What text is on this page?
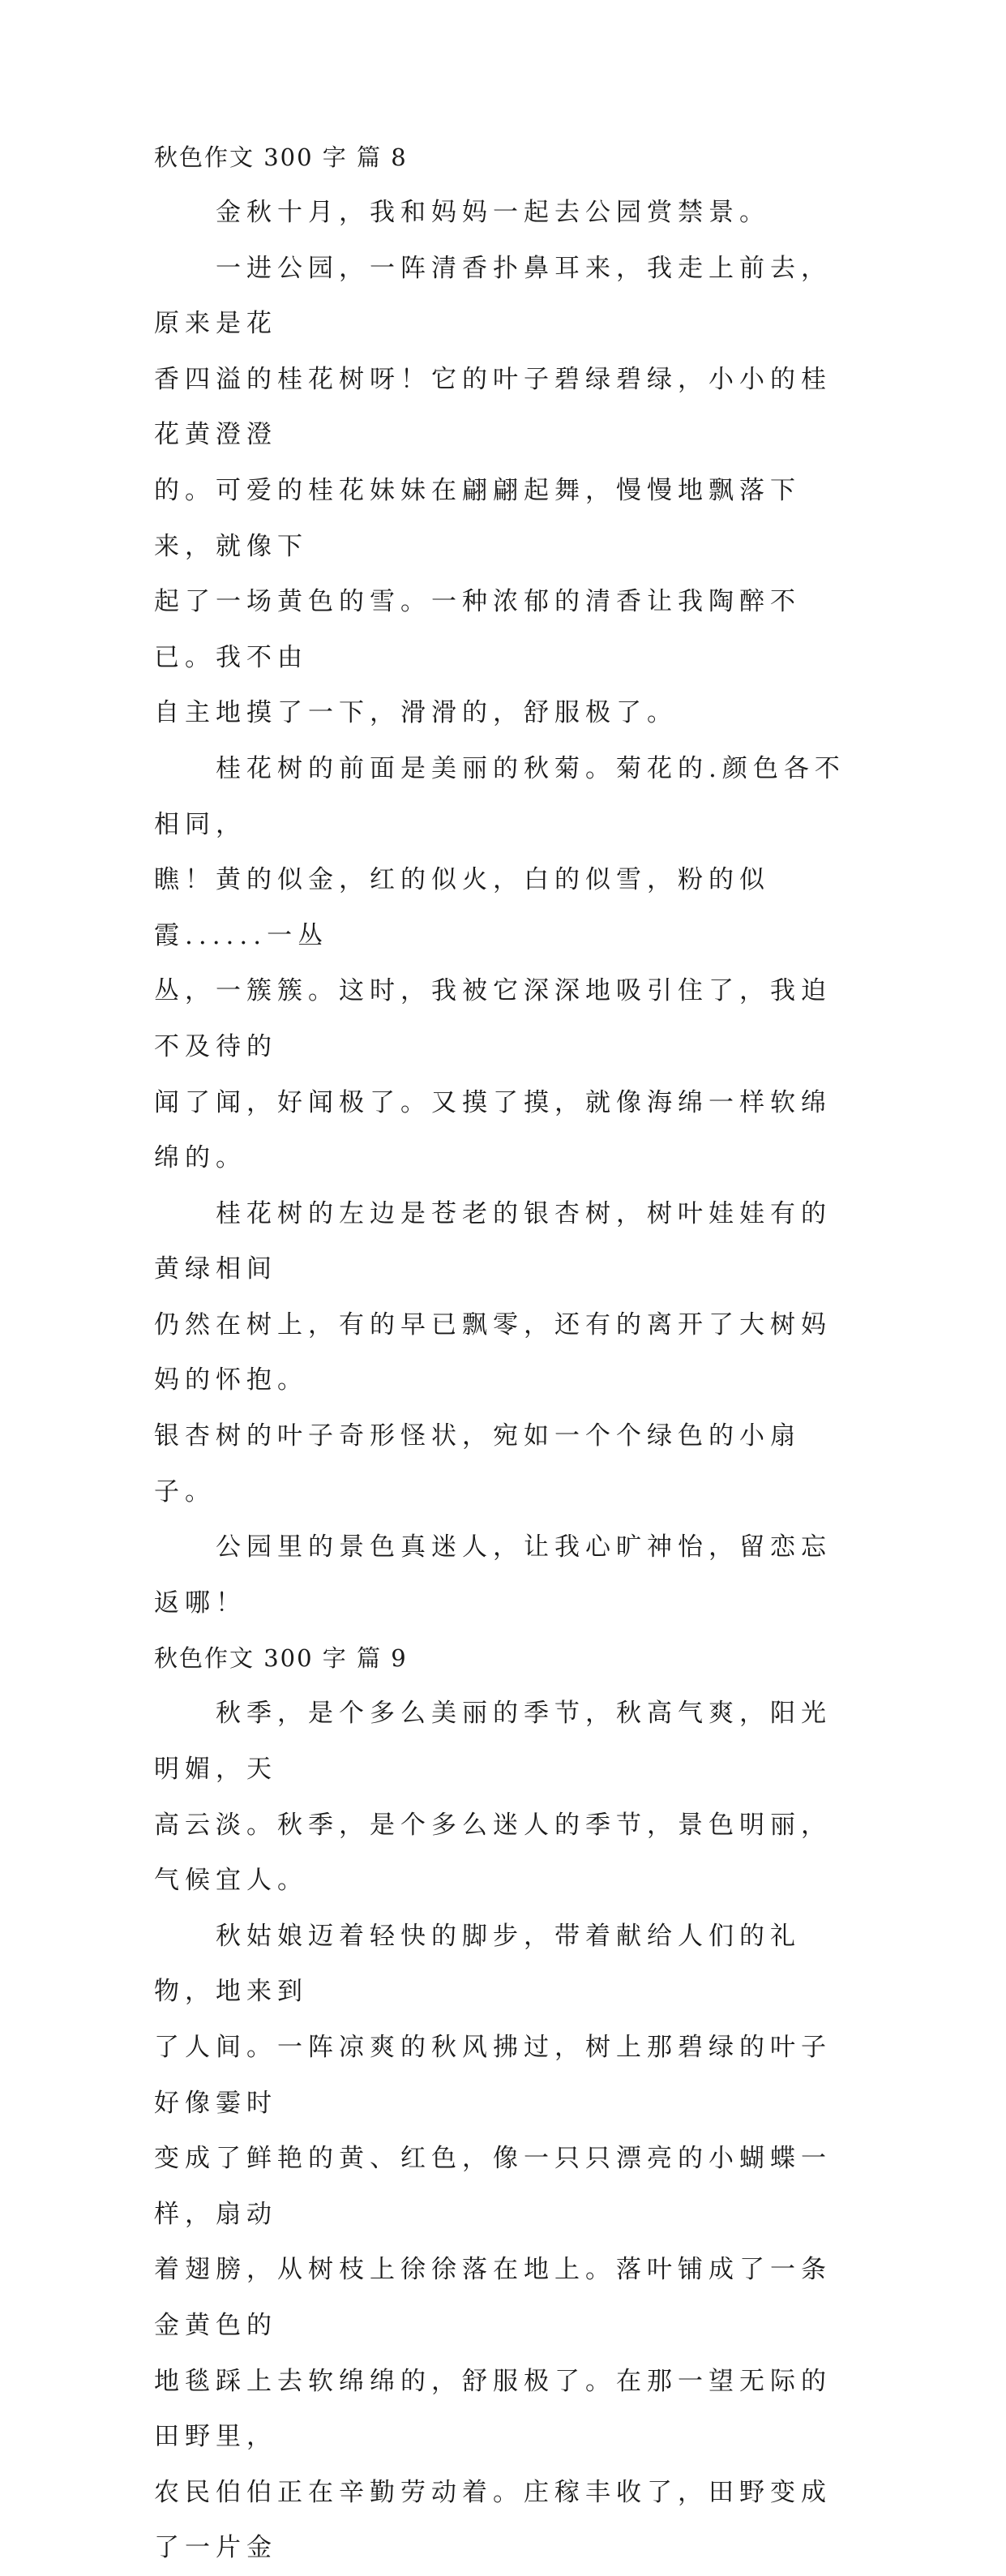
秋色作文 300 字 篇 8

　　金秋十月，我和妈妈一起去公园赏禁景。

　　一进公园，一阵清香扑鼻耳来，我走上前去，原来是花
香四溢的桂花树呀！它的叶子碧绿碧绿，小小的桂花黄澄澄
的。可爱的桂花妹妹在翩翩起舞，慢慢地飘落下来，就像下
起了一场黄色的雪。一种浓郁的清香让我陶醉不已。我不由
自主地摸了一下，滑滑的，舒服极了。

　　桂花树的前面是美丽的秋菊。菊花的.颜色各不相同，
瞧！黄的似金，红的似火，白的似雪，粉的似霞......一丛
丛，一簇簇。这时，我被它深深地吸引住了，我迫不及待的
闻了闻，好闻极了。又摸了摸，就像海绵一样软绵绵的。

　　桂花树的左边是苍老的银杏树，树叶娃娃有的黄绿相间
仍然在树上，有的早已飘零，还有的离开了大树妈妈的怀抱。
银杏树的叶子奇形怪状，宛如一个个绿色的小扇子。

　　公园里的景色真迷人，让我心旷神怡，留恋忘返哪！

秋色作文 300 字 篇 9

　　秋季，是个多么美丽的季节，秋高气爽，阳光明媚，天
高云淡。秋季，是个多么迷人的季节，景色明丽，气候宜人。

　　秋姑娘迈着轻快的脚步，带着献给人们的礼物，地来到
了人间。一阵凉爽的秋风拂过，树上那碧绿的叶子好像霎时
变成了鲜艳的黄、红色，像一只只漂亮的小蝴蝶一样，扇动
着翅膀，从树枝上徐徐落在地上。落叶铺成了一条金黄色的
地毯踩上去软绵绵的，舒服极了。在那一望无际的田野里，
农民伯伯正在辛勤劳动着。庄稼丰收了，田野变成了一片金
